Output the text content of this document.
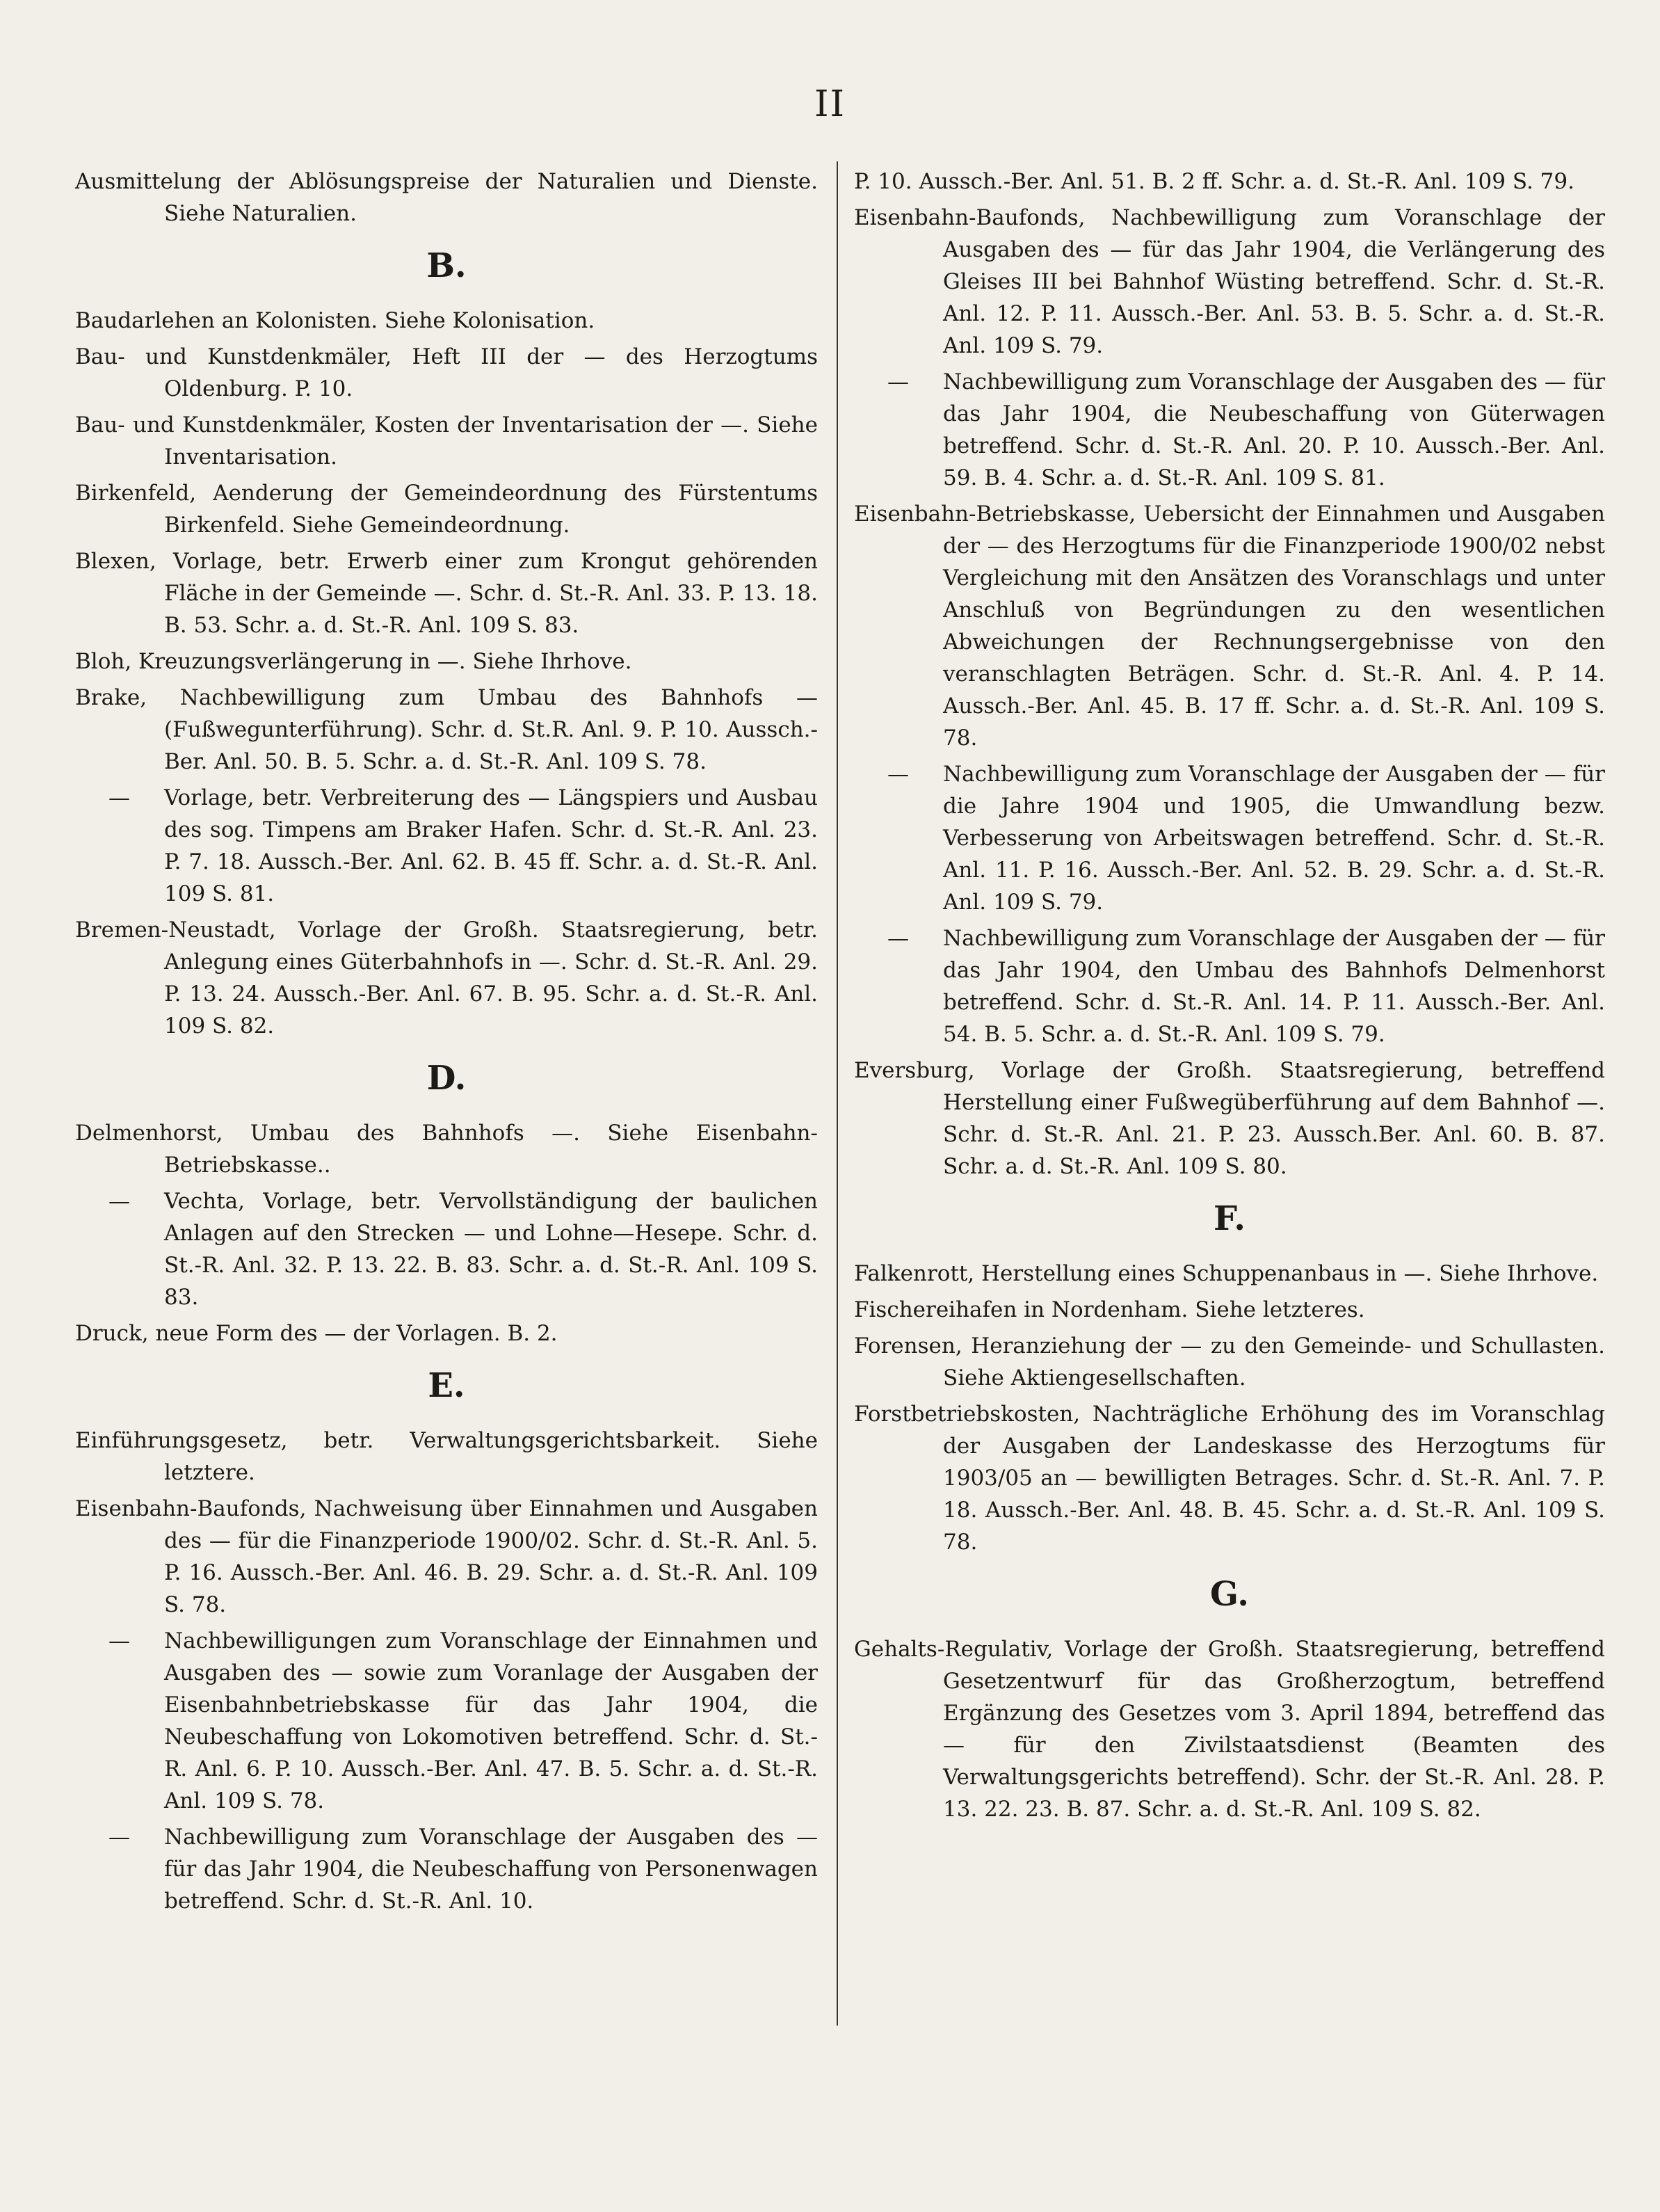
II
Ausmittelung der Ablösungspreise der Naturalien und Dienste. Siehe Naturalien.
B.
Baudarlehen an Kolonisten. Siehe Kolonisation.
Bau- und Kunstdenkmäler, Heft III der — des Herzogtums Oldenburg. P. 10.
Bau- und Kunstdenkmäler, Kosten der Inventarisation der —. Siehe Inventarisation.
Birkenfeld, Aenderung der Gemeindeordnung des Fürstentums Birkenfeld. Siehe Gemeindeordnung.
Blexen, Vorlage, betr. Erwerb einer zum Krongut gehörenden Fläche in der Gemeinde —. Schr. d. St.-R. Anl. 33. P. 13. 18. B. 53. Schr. a. d. St.-R. Anl. 109 S. 83.
Bloh, Kreuzungsverlängerung in —. Siehe Ihrhove.
Brake, Nachbewilligung zum Umbau des Bahnhofs — (Fußwegunterführung). Schr. d. St.R. Anl. 9. P. 10. Aussch.-Ber. Anl. 50. B. 5. Schr. a. d. St.-R. Anl. 109 S. 78.
— Vorlage, betr. Verbreiterung des — Längspiers und Ausbau des sog. Timpens am Braker Hafen. Schr. d. St.-R. Anl. 23. P. 7. 18. Aussch.-Ber. Anl. 62. B. 45 ff. Schr. a. d. St.-R. Anl. 109 S. 81.
Bremen-Neustadt, Vorlage der Großh. Staatsregierung, betr. Anlegung eines Güterbahnhofs in —. Schr. d. St.-R. Anl. 29. P. 13. 24. Aussch.-Ber. Anl. 67. B. 95. Schr. a. d. St.-R. Anl. 109 S. 82.
D.
Delmenhorst, Umbau des Bahnhofs —. Siehe Eisenbahn-Betriebskasse..
— Vechta, Vorlage, betr. Vervollständigung der baulichen Anlagen auf den Strecken — und Lohne—Hesepe. Schr. d. St.-R. Anl. 32. P. 13. 22. B. 83. Schr. a. d. St.-R. Anl. 109 S. 83.
Druck, neue Form des — der Vorlagen. B. 2.
E.
Einführungsgesetz, betr. Verwaltungsgerichtsbarkeit. Siehe letztere.
Eisenbahn-Baufonds, Nachweisung über Einnahmen und Ausgaben des — für die Finanzperiode 1900/02. Schr. d. St.-R. Anl. 5. P. 16. Aussch.-Ber. Anl. 46. B. 29. Schr. a. d. St.-R. Anl. 109 S. 78.
— Nachbewilligungen zum Voranschlage der Einnahmen und Ausgaben des — sowie zum Voranlage der Ausgaben der Eisenbahnbetriebskasse für das Jahr 1904, die Neubeschaffung von Lokomotiven betreffend. Schr. d. St.-R. Anl. 6. P. 10. Aussch.-Ber. Anl. 47. B. 5. Schr. a. d. St.-R. Anl. 109 S. 78.
— Nachbewilligung zum Voranschlage der Ausgaben des — für das Jahr 1904, die Neubeschaffung von Personenwagen betreffend. Schr. d. St.-R. Anl. 10.
P. 10. Aussch.-Ber. Anl. 51. B. 2 ff. Schr. a. d. St.-R. Anl. 109 S. 79.
Eisenbahn-Baufonds, Nachbewilligung zum Voranschlage der Ausgaben des — für das Jahr 1904, die Verlängerung des Gleises III bei Bahnhof Wüsting betreffend. Schr. d. St.-R. Anl. 12. P. 11. Aussch.-Ber. Anl. 53. B. 5. Schr. a. d. St.-R. Anl. 109 S. 79.
— Nachbewilligung zum Voranschlage der Ausgaben des — für das Jahr 1904, die Neubeschaffung von Güterwagen betreffend. Schr. d. St.-R. Anl. 20. P. 10. Aussch.-Ber. Anl. 59. B. 4. Schr. a. d. St.-R. Anl. 109 S. 81.
Eisenbahn-Betriebskasse, Uebersicht der Einnahmen und Ausgaben der — des Herzogtums für die Finanzperiode 1900/02 nebst Vergleichung mit den Ansätzen des Voranschlags und unter Anschluß von Begründungen zu den wesentlichen Abweichungen der Rechnungsergebnisse von den veranschlagten Beträgen. Schr. d. St.-R. Anl. 4. P. 14. Aussch.-Ber. Anl. 45. B. 17 ff. Schr. a. d. St.-R. Anl. 109 S. 78.
— Nachbewilligung zum Voranschlage der Ausgaben der — für die Jahre 1904 und 1905, die Umwandlung bezw. Verbesserung von Arbeitswagen betreffend. Schr. d. St.-R. Anl. 11. P. 16. Aussch.-Ber. Anl. 52. B. 29. Schr. a. d. St.-R. Anl. 109 S. 79.
— Nachbewilligung zum Voranschlage der Ausgaben der — für das Jahr 1904, den Umbau des Bahnhofs Delmenhorst betreffend. Schr. d. St.-R. Anl. 14. P. 11. Aussch.-Ber. Anl. 54. B. 5. Schr. a. d. St.-R. Anl. 109 S. 79.
Eversburg, Vorlage der Großh. Staatsregierung, betreffend Herstellung einer Fußwegüberführung auf dem Bahnhof —. Schr. d. St.-R. Anl. 21. P. 23. Aussch.Ber. Anl. 60. B. 87. Schr. a. d. St.-R. Anl. 109 S. 80.
F.
Falkenrott, Herstellung eines Schuppenanbaus in —. Siehe Ihrhove.
Fischereihafen in Nordenham. Siehe letzteres.
Forensen, Heranziehung der — zu den Gemeinde- und Schullasten. Siehe Aktiengesellschaften.
Forstbetriebskosten, Nachträgliche Erhöhung des im Voranschlag der Ausgaben der Landeskasse des Herzogtums für 1903/05 an — bewilligten Betrages. Schr. d. St.-R. Anl. 7. P. 18. Aussch.-Ber. Anl. 48. B. 45. Schr. a. d. St.-R. Anl. 109 S. 78.
G.
Gehalts-Regulativ, Vorlage der Großh. Staatsregierung, betreffend Gesetzentwurf für das Großherzogtum, betreffend Ergänzung des Gesetzes vom 3. April 1894, betreffend das — für den Zivilstaatsdienst (Beamten des Verwaltungsgerichts betreffend). Schr. der St.-R. Anl. 28. P. 13. 22. 23. B. 87. Schr. a. d. St.-R. Anl. 109 S. 82.
